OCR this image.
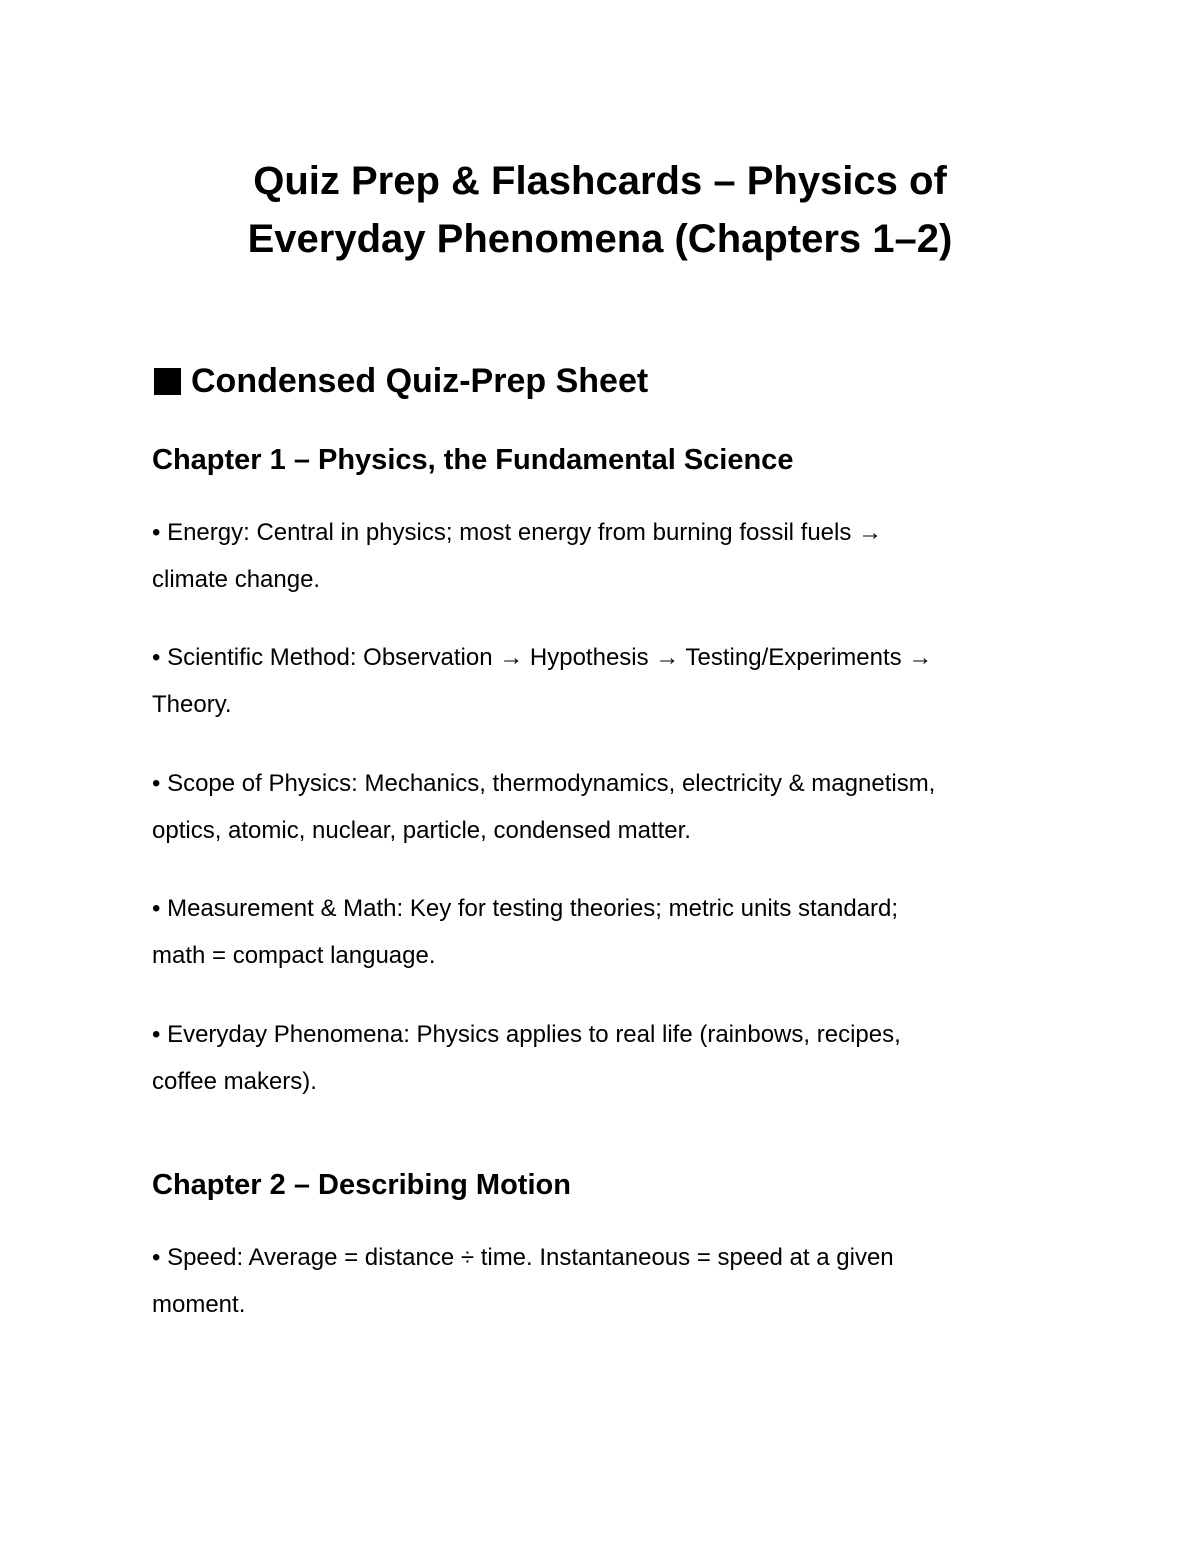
Quiz Prep & Flashcards – Physics of
Everyday Phenomena (Chapters 1–2)
Condensed Quiz-Prep Sheet
Chapter 1 – Physics, the Fundamental Science

• Energy: Central in physics; most energy from burning fossil fuels →
climate change.

• Scientific Method: Observation → Hypothesis → Testing/Experiments →
Theory.

• Scope of Physics: Mechanics, thermodynamics, electricity & magnetism,
optics, atomic, nuclear, particle, condensed matter.

• Measurement & Math: Key for testing theories; metric units standard;
math = compact language.

• Everyday Phenomena: Physics applies to real life (rainbows, recipes,
coffee makers).

Chapter 2 – Describing Motion

• Speed: Average = distance ÷ time. Instantaneous = speed at a given
moment.
